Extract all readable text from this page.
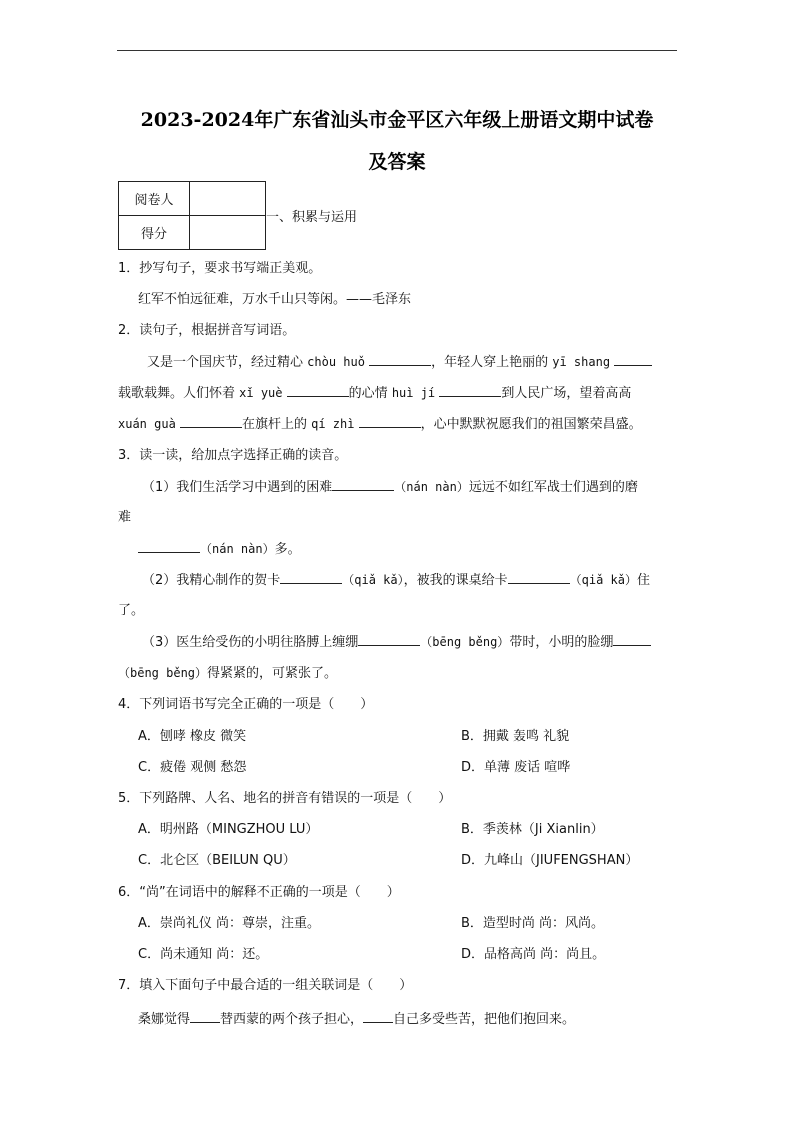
2023-2024年广东省汕头市金平区六年级上册语文期中试卷
及答案
阅卷人	
得分	
一、积累与运用
1．抄写句子，要求书写端正美观。
红军不怕远征难，万水千山只等闲。——毛泽东
2．读句子，根据拼音写词语。
又是一个国庆节，经过精心 chòu huǒ	，年轻人穿上艳丽的 yī shang
载歌载舞。人们怀着 xǐ yuè	的心情 huì jí	到人民广场，望着高高
xuán guà	在旗杆上的 qí zhì	，心中默默祝愿我们的祖国繁荣昌盛。
3．读一读，给加点字选择正确的读音。
（1）我们生活学习中遇到的困难	（nán nàn）远远不如红军战士们遇到的磨
难
（nán nàn）多。
（2）我精心制作的贺卡	（qiǎ kǎ），被我的课桌给卡	（qiǎ kǎ）住
了。
（3）医生给受伤的小明往胳膊上缠绷	（bēng běng）带时，小明的脸绷
（bēng běng）得紧紧的，可紧张了。
4．下列词语书写完全正确的一项是（　　）
A．刨哮 橡皮 微笑	B．拥戴 轰鸣 礼貌
C．疲倦 观侧 愁怨	D．单薄 废话 喧哗
5．下列路牌、人名、地名的拼音有错误的一项是（　　）
A．明州路（MINGZHOU LU）	B．季羡林（Ji Xianlin）
C．北仑区（BEILUN QU）	D．九峰山（JIUFENGSHAN）
6．“尚”在词语中的解释不正确的一项是（　　）
A．崇尚礼仪 尚：尊崇，注重。	B．造型时尚 尚：风尚。
C．尚未通知 尚：还。	D．品格高尚 尚：尚且。
7．填入下面句子中最合适的一组关联词是（　　）
桑娜觉得 替西蒙的两个孩子担心， 自己多受些苦，把他们抱回来。
